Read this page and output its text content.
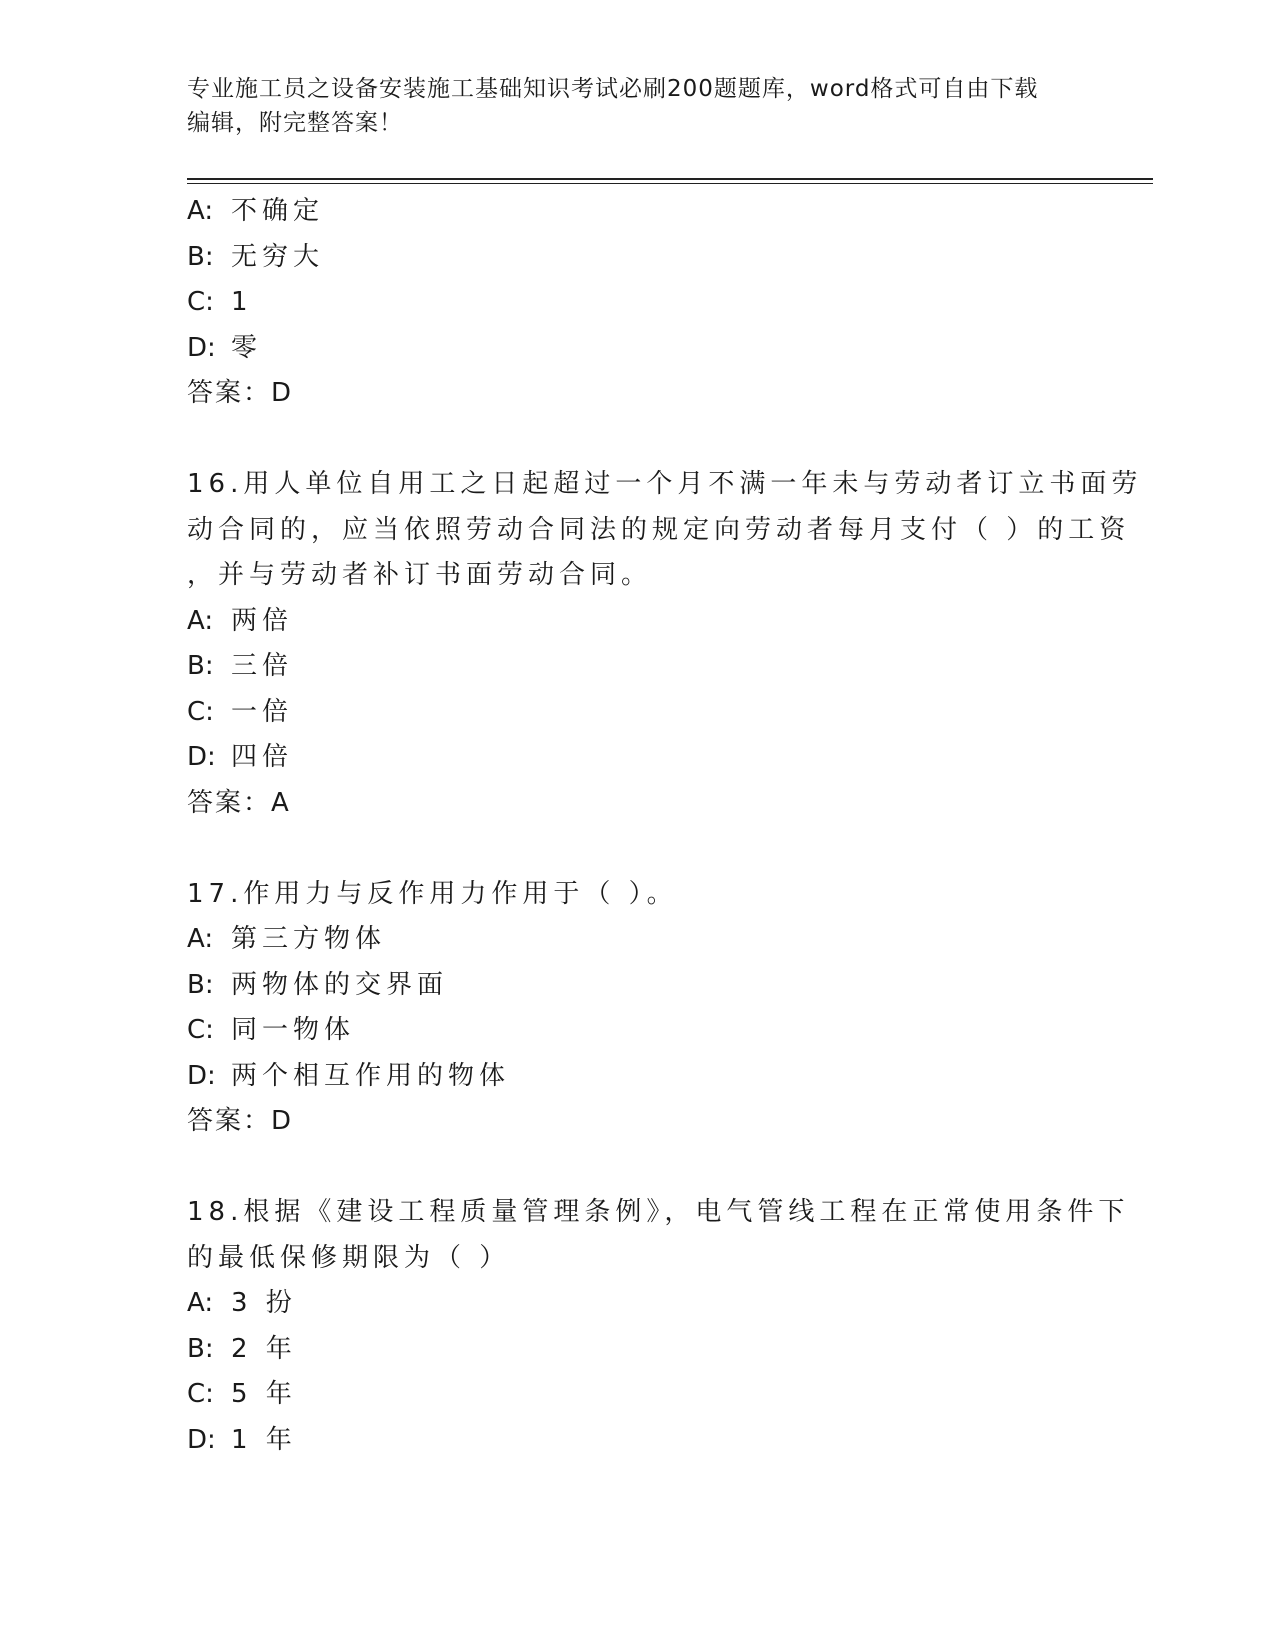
专业施工员之设备安装施工基础知识考试必刷200题题库，word格式可自由下载
编辑，附完整答案！
A: 不确定
B: 无穷大
C: 1
D: 零
答案：D
16.用人单位自用工之日起超过一个月不满一年未与劳动者订立书面劳
动合同的，应当依照劳动合同法的规定向劳动者每月支付（ ）的工资
，并与劳动者补订书面劳动合同。
A: 两倍
B: 三倍
C: 一倍
D: 四倍
答案：A
17.作用力与反作用力作用于（ ）。
A: 第三方物体
B: 两物体的交界面
C: 同一物体
D: 两个相互作用的物体
答案：D
18.根据《建设工程质量管理条例》，电气管线工程在正常使用条件下
的最低保修期限为（ ）
A: 3 扮
B: 2 年
C: 5 年
D: 1 年
